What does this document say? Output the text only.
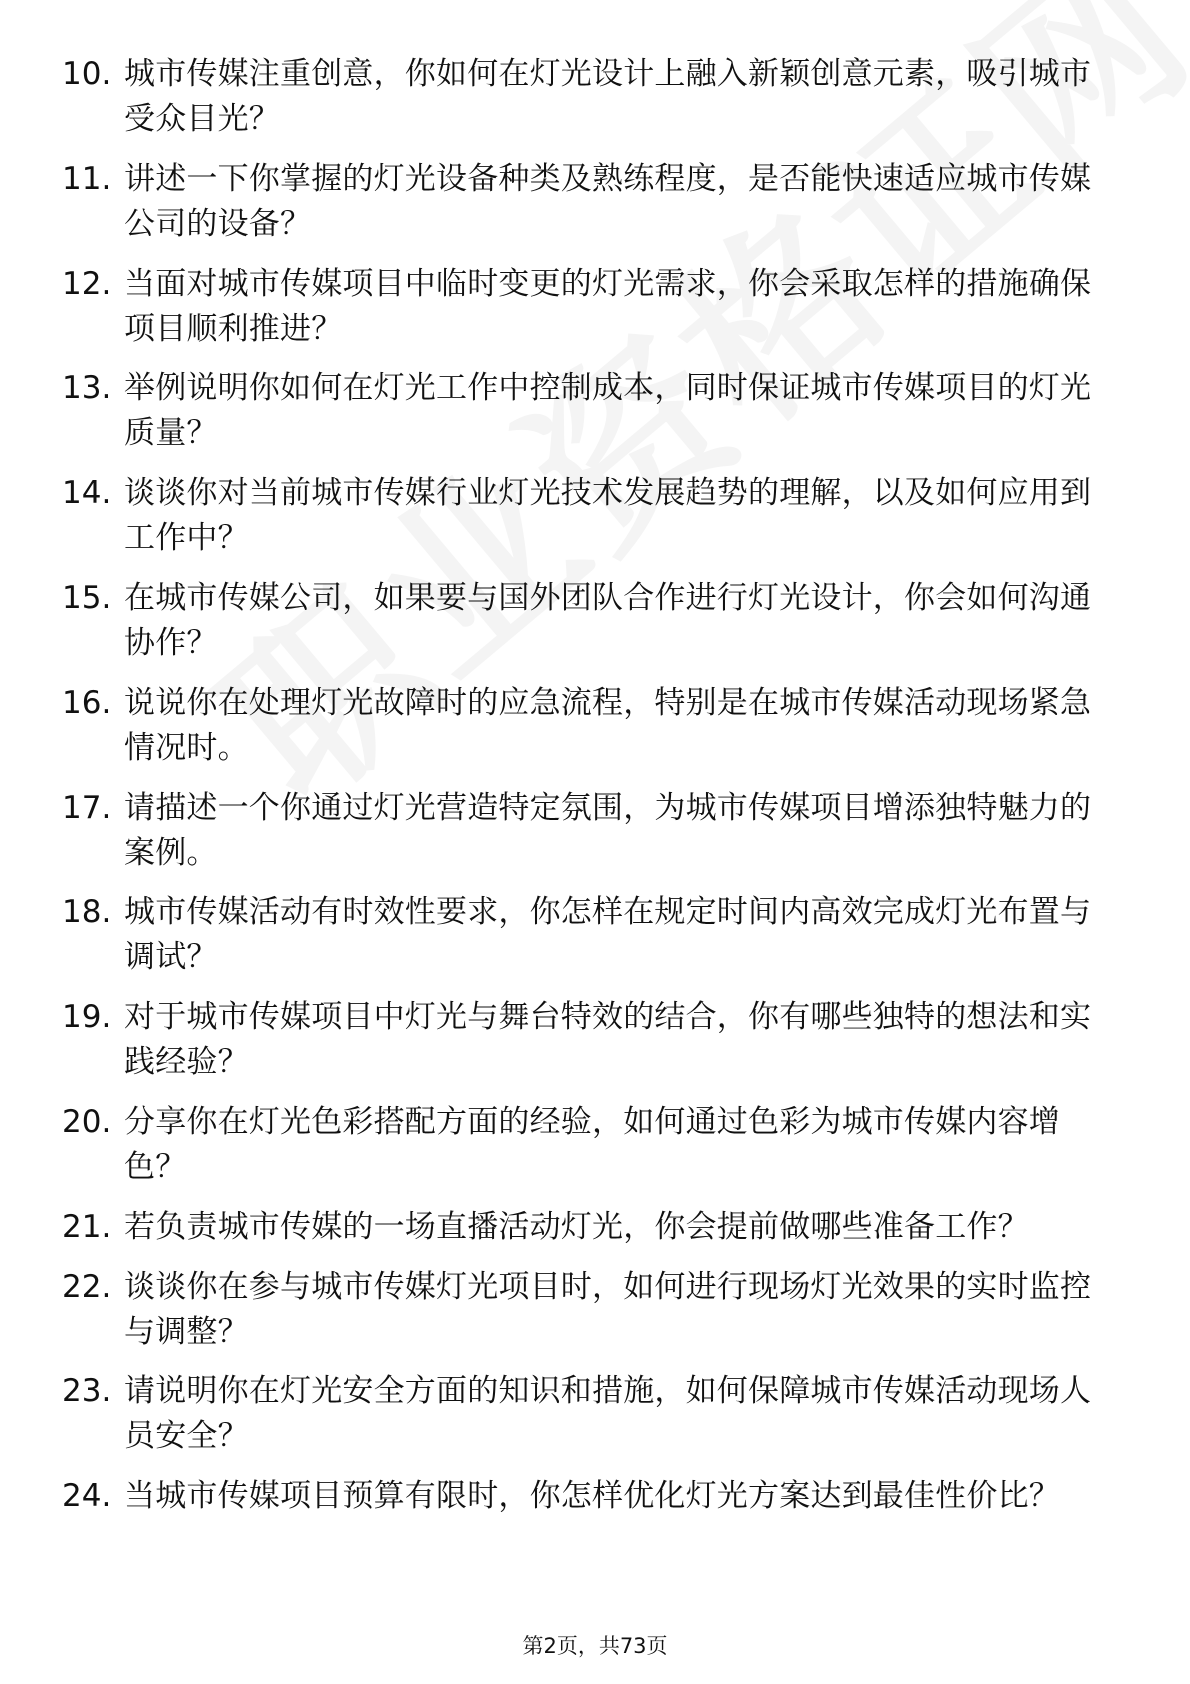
10. 城市传媒注重创意，你如何在灯光设计上融入新颖创意元素，吸引城市受众目光？
11. 讲述一下你掌握的灯光设备种类及熟练程度，是否能快速适应城市传媒公司的设备？
12. 当面对城市传媒项目中临时变更的灯光需求，你会采取怎样的措施确保项目顺利推进？
13. 举例说明你如何在灯光工作中控制成本，同时保证城市传媒项目的灯光质量？
14. 谈谈你对当前城市传媒行业灯光技术发展趋势的理解，以及如何应用到工作中？
15. 在城市传媒公司，如果要与国外团队合作进行灯光设计，你会如何沟通协作？
16. 说说你在处理灯光故障时的应急流程，特别是在城市传媒活动现场紧急情况时。
17. 请描述一个你通过灯光营造特定氛围，为城市传媒项目增添独特魅力的案例。
18. 城市传媒活动有时效性要求，你怎样在规定时间内高效完成灯光布置与调试？
19. 对于城市传媒项目中灯光与舞台特效的结合，你有哪些独特的想法和实践经验？
20. 分享你在灯光色彩搭配方面的经验，如何通过色彩为城市传媒内容增色？
21. 若负责城市传媒的一场直播活动灯光，你会提前做哪些准备工作？
22. 谈谈你在参与城市传媒灯光项目时，如何进行现场灯光效果的实时监控与调整？
23. 请说明你在灯光安全方面的知识和措施，如何保障城市传媒活动现场人员安全？
24. 当城市传媒项目预算有限时，你怎样优化灯光方案达到最佳性价比？
第2页，共73页
